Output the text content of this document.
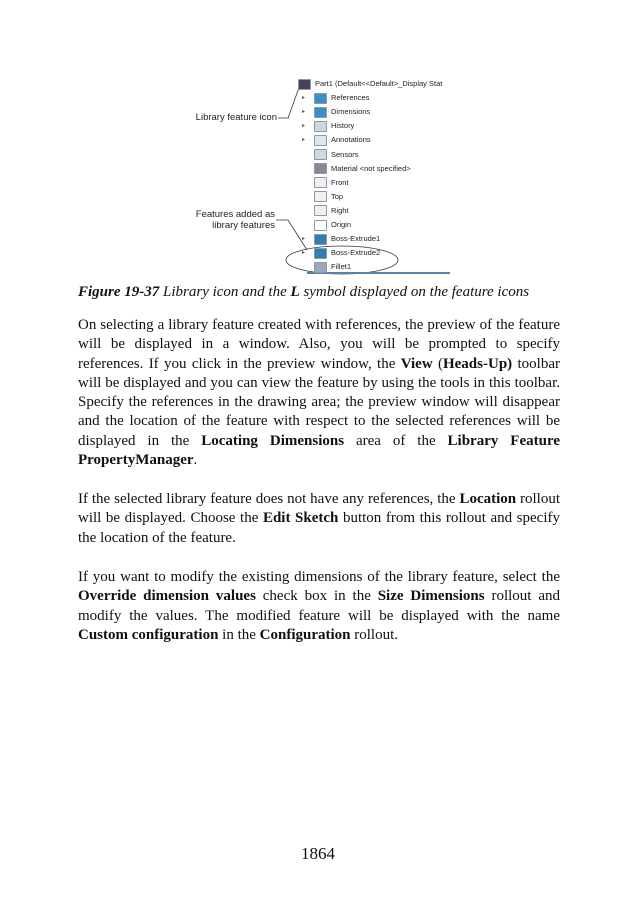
Library feature icon
Features added as
library features
Part1 (Default<<Default>_Display Stat
▸	References
▸	Dimensions
▸	History
▸	Annotations
Sensors
Material <not specified>
Front
Top
Right
Origin
▸	Boss-Extrude1
▸	Boss-Extrude2
Fillet1
Figure 19-37 Library icon and the L symbol displayed on the feature icons
On selecting a library feature created with references, the preview of the feature will be displayed in a window. Also, you will be prompted to specify references. If you click in the preview window, the View (Heads-Up) toolbar will be displayed and you can view the feature by using the tools in this toolbar. Specify the references in the drawing area; the preview window will disappear and the location of the feature with respect to the selected references will be displayed in the Locating Dimensions area of the Library Feature PropertyManager.
If the selected library feature does not have any references, the Location rollout will be displayed. Choose the Edit Sketch button from this rollout and specify the location of the feature.
If you want to modify the existing dimensions of the library feature, select the Override dimension values check box in the Size Dimensions rollout and modify the values. The modified feature will be displayed with the name Custom configuration in the Configuration rollout.
1864
